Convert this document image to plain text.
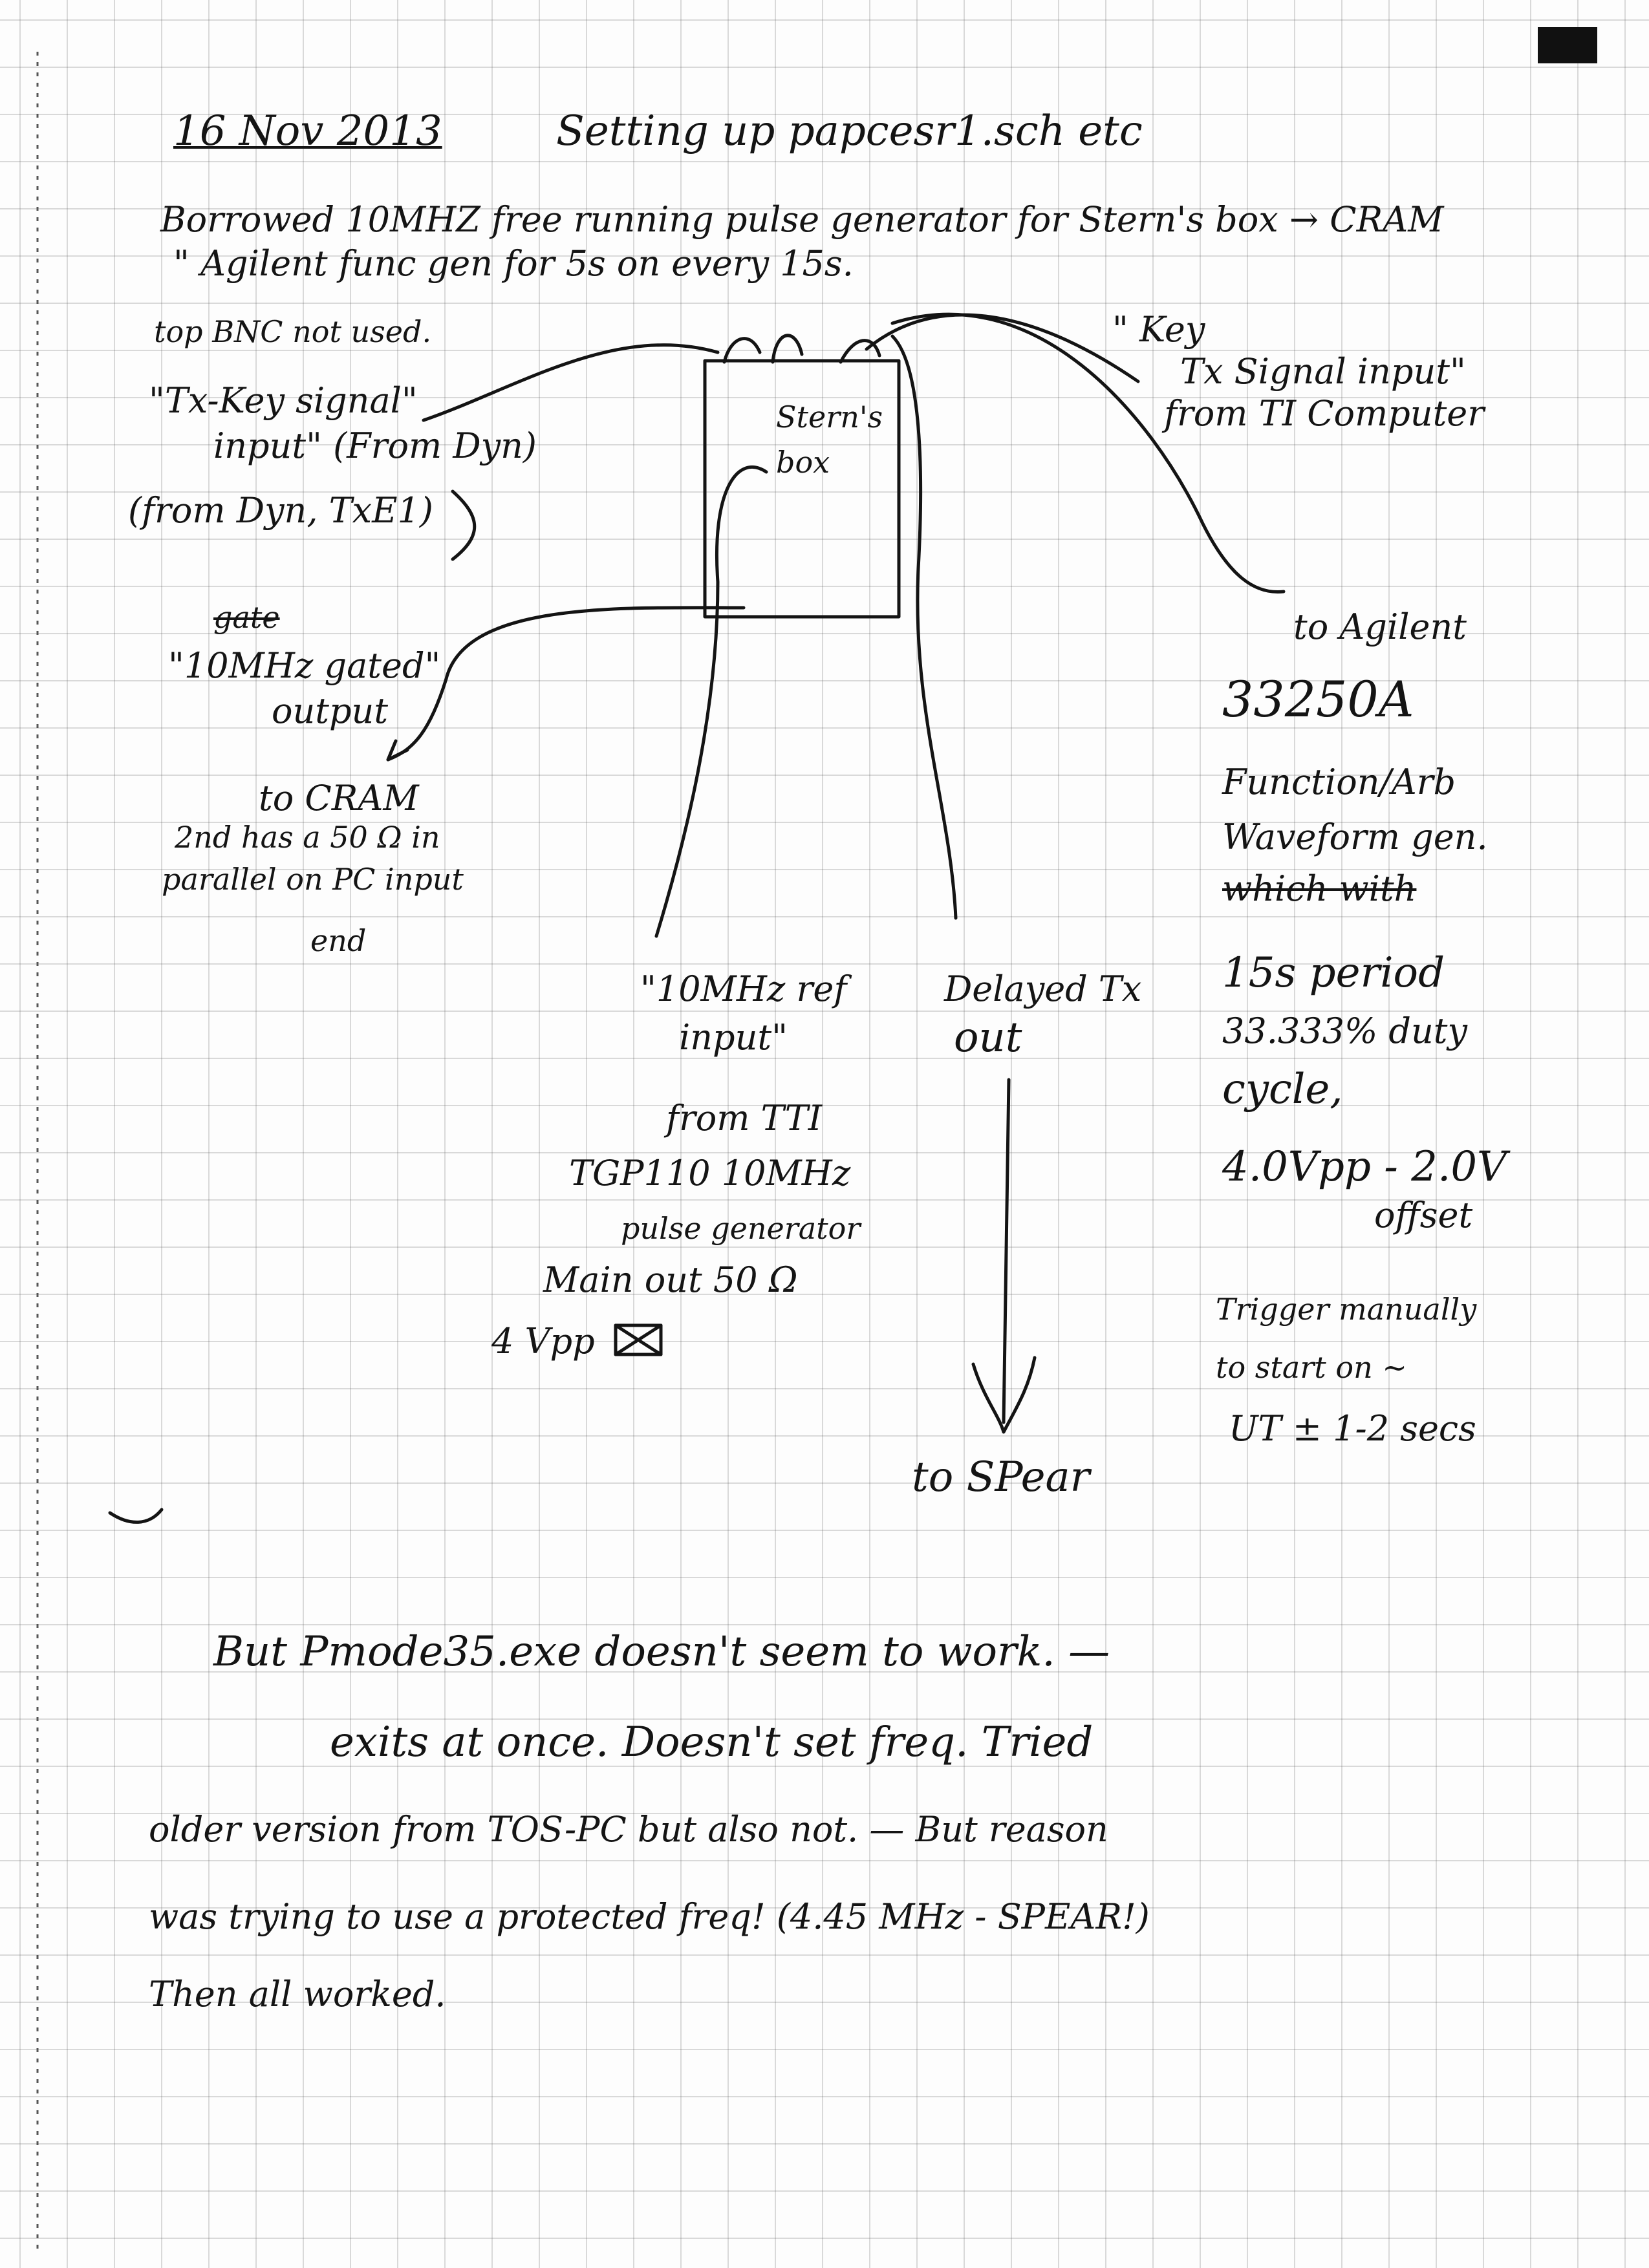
16 Nov 2013	Setting up papcesr1.sch etc
Borrowed 10MHZ free running pulse generator for Stern's box → CRAM
" Agilent func gen for 5s on every 15s.
Stern's
box
top BNC not used.
"Tx-Key signal"
input" (From Dyn)
(from Dyn, TxE1)
gate
"10MHz gated"
output
to CRAM
2nd has a 50 Ω in
parallel on PC input
end
" Key
Tx Signal input"
from TI Computer
to Agilent
33250A
Function/Arb
Waveform gen.
which with
15s period
33.333% duty
cycle,
4.0Vpp - 2.0V
offset
Trigger manually
to start on ~
UT ± 1-2 secs
"10MHz ref
input"
from TTI
TGP110 10MHz
pulse generator
Main out 50 Ω
4 Vpp
Delayed Tx
out
to SPear
But Pmode35.exe doesn't seem to work. —
exits at once. Doesn't set freq. Tried
older version from TOS-PC but also not. — But reason
was trying to use a protected freq! (4.45 MHz - SPEAR!)
Then all worked.
